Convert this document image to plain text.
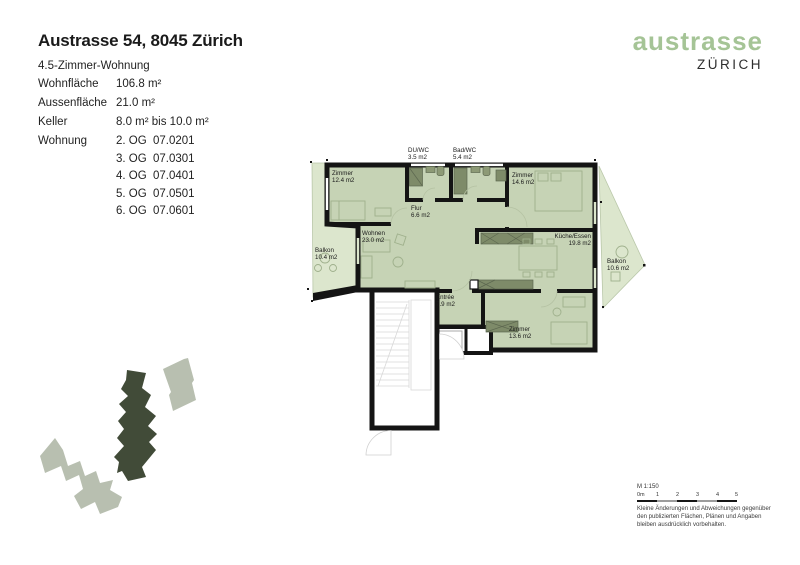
Austrasse 54, 8045 Zürich
4.5-Zimmer-Wohnung
Wohnfläche	106.8 m²
Aussenfläche 21.0 m²
Keller	8.0 m² bis 10.0 m²
Wohnung	2. OG 07.0201
3. OG 07.0301
4. OG 07.0401
5. OG 07.0501
6. OG 07.0601
austrasse
ZÜRICH
DU/WC
3.5 m2
Bad/WC
5.4 m2
Zimmer
12.4 m2
Zimmer
14.6 m2
Flur
6.6 m2
Wohnen
23.0 m2
Küche/Essen
19.8 m2
Balkon
10.4 m2
Balkon
10.6 m2
Entrée
7.9 m2
Zimmer
13.6 m2
M 1:150
0m 1	2	3	4	5
Kleine Änderungen und Abweichungen gegenüber
den publizierten Flächen, Plänen und Angaben
bleiben ausdrücklich vorbehalten.
